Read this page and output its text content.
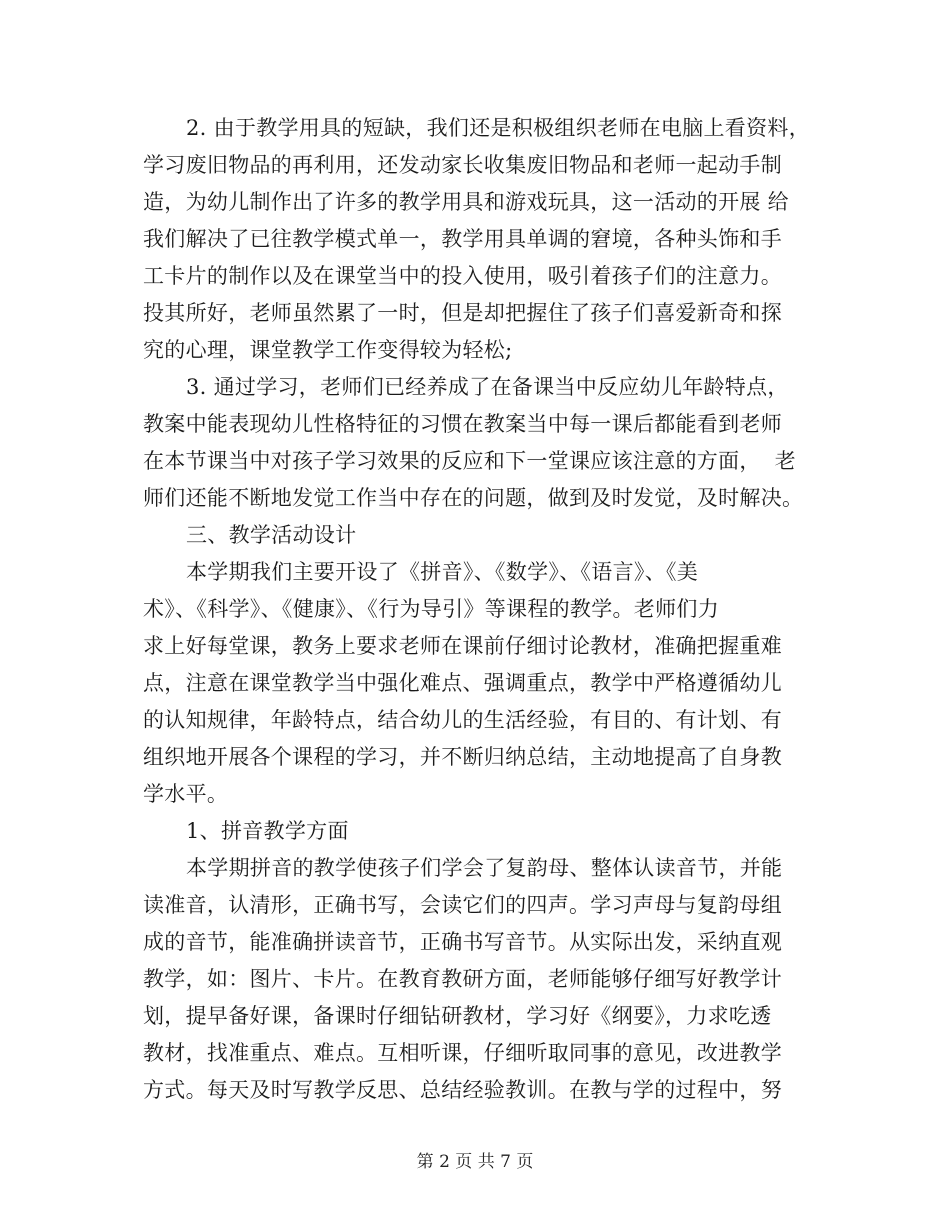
2. 由于教学用具的短缺，我们还是积极组织老师在电脑上看资料，
学习废旧物品的再利用，还发动家长收集废旧物品和老师一起动手制
造，为幼儿制作出了许多的教学用具和游戏玩具，这一活动的开展 给
我们解决了已往教学模式单一，教学用具单调的窘境，各种头饰和手
工卡片的制作以及在课堂当中的投入使用，吸引着孩子们的注意力。
投其所好，老师虽然累了一时，但是却把握住了孩子们喜爱新奇和探
究的心理，课堂教学工作变得较为轻松;
3. 通过学习，老师们已经养成了在备课当中反应幼儿年龄特点，
教案中能表现幼儿性格特征的习惯在教案当中每一课后都能看到老师
在本节课当中对孩子学习效果的反应和下一堂课应该注意的方面，  老
师们还能不断地发觉工作当中存在的问题，做到及时发觉，及时解决。
三、教学活动设计
本学期我们主要开设了《拼音》、《数学》、《语言》、《美
术》、《科学》、《健康》、《行为导引》等课程的教学。老师们力
求上好每堂课，教务上要求老师在课前仔细讨论教材，准确把握重难
点，注意在课堂教学当中强化难点、强调重点，教学中严格遵循幼儿
的认知规律，年龄特点，结合幼儿的生活经验，有目的、有计划、有
组织地开展各个课程的学习，并不断归纳总结，主动地提高了自身教
学水平。
1、拼音教学方面
本学期拼音的教学使孩子们学会了复韵母、整体认读音节，并能
读准音，认清形，正确书写，会读它们的四声。学习声母与复韵母组
成的音节，能准确拼读音节，正确书写音节。从实际出发，采纳直观
教学，如：图片、卡片。在教育教研方面，老师能够仔细写好教学计
划，提早备好课，备课时仔细钻研教材，学习好《纲要》，力求吃透
教材，找准重点、难点。互相听课，仔细听取同事的意见，改进教学
方式。每天及时写教学反思、总结经验教训。在教与学的过程中，努
第 2 页 共 7 页
